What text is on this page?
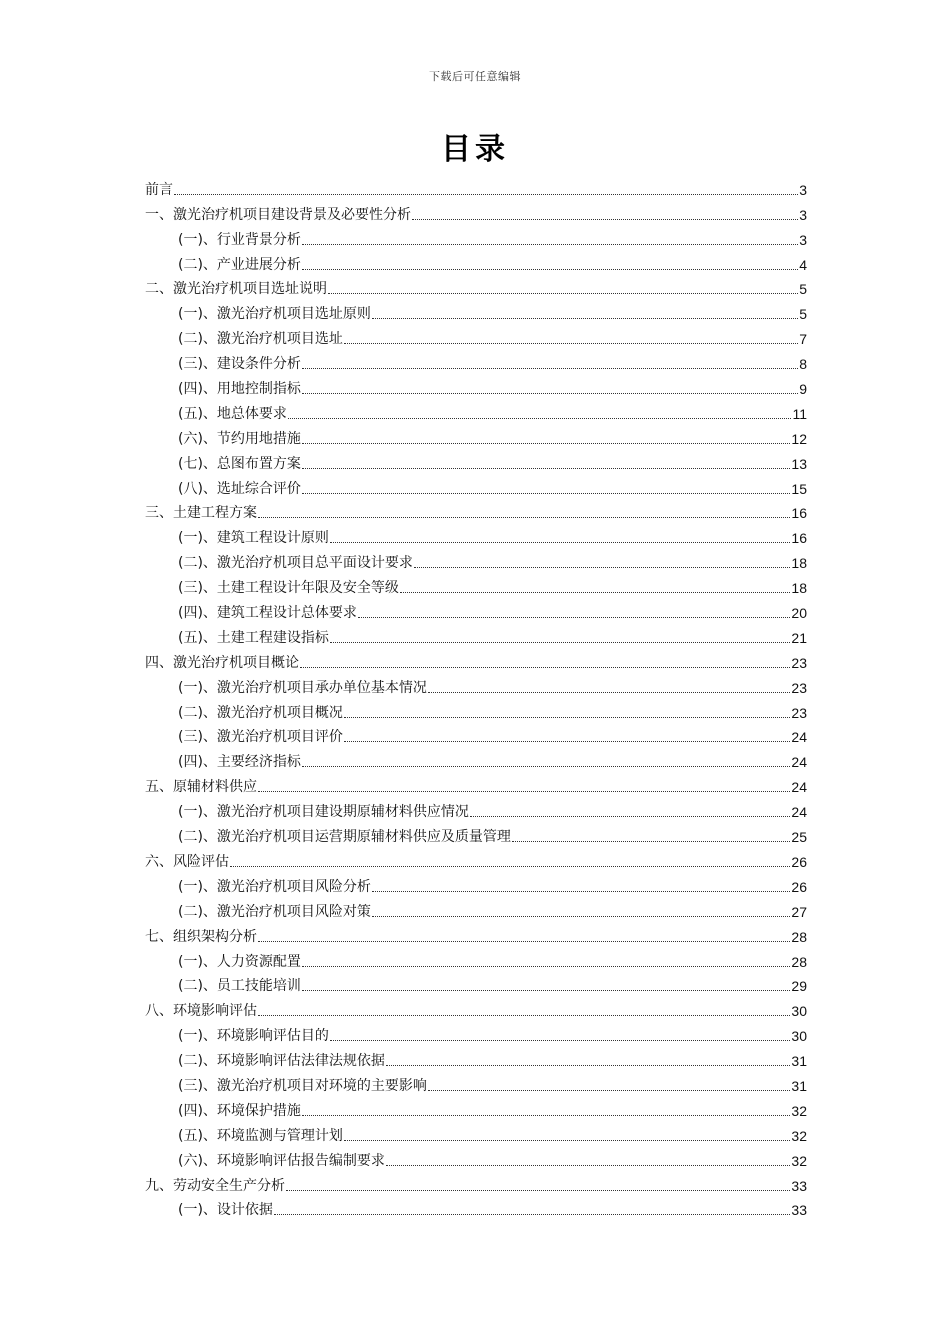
下载后可任意编辑
目录
前言	3
一、激光治疗机项目建设背景及必要性分析	3
(一)、行业背景分析	3
(二)、产业进展分析	4
二、激光治疗机项目选址说明	5
(一)、激光治疗机项目选址原则	5
(二)、激光治疗机项目选址	7
(三)、建设条件分析	8
(四)、用地控制指标	9
(五)、地总体要求	11
(六)、节约用地措施	12
(七)、总图布置方案	13
(八)、选址综合评价	15
三、土建工程方案	16
(一)、建筑工程设计原则	16
(二)、激光治疗机项目总平面设计要求	18
(三)、土建工程设计年限及安全等级	18
(四)、建筑工程设计总体要求	20
(五)、土建工程建设指标	21
四、激光治疗机项目概论	23
(一)、激光治疗机项目承办单位基本情况	23
(二)、激光治疗机项目概况	23
(三)、激光治疗机项目评价	24
(四)、主要经济指标	24
五、原辅材料供应	24
(一)、激光治疗机项目建设期原辅材料供应情况	24
(二)、激光治疗机项目运营期原辅材料供应及质量管理	25
六、风险评估	26
(一)、激光治疗机项目风险分析	26
(二)、激光治疗机项目风险对策	27
七、组织架构分析	28
(一)、人力资源配置	28
(二)、员工技能培训	29
八、环境影响评估	30
(一)、环境影响评估目的	30
(二)、环境影响评估法律法规依据	31
(三)、激光治疗机项目对环境的主要影响	31
(四)、环境保护措施	32
(五)、环境监测与管理计划	32
(六)、环境影响评估报告编制要求	32
九、劳动安全生产分析	33
(一)、设计依据	33
